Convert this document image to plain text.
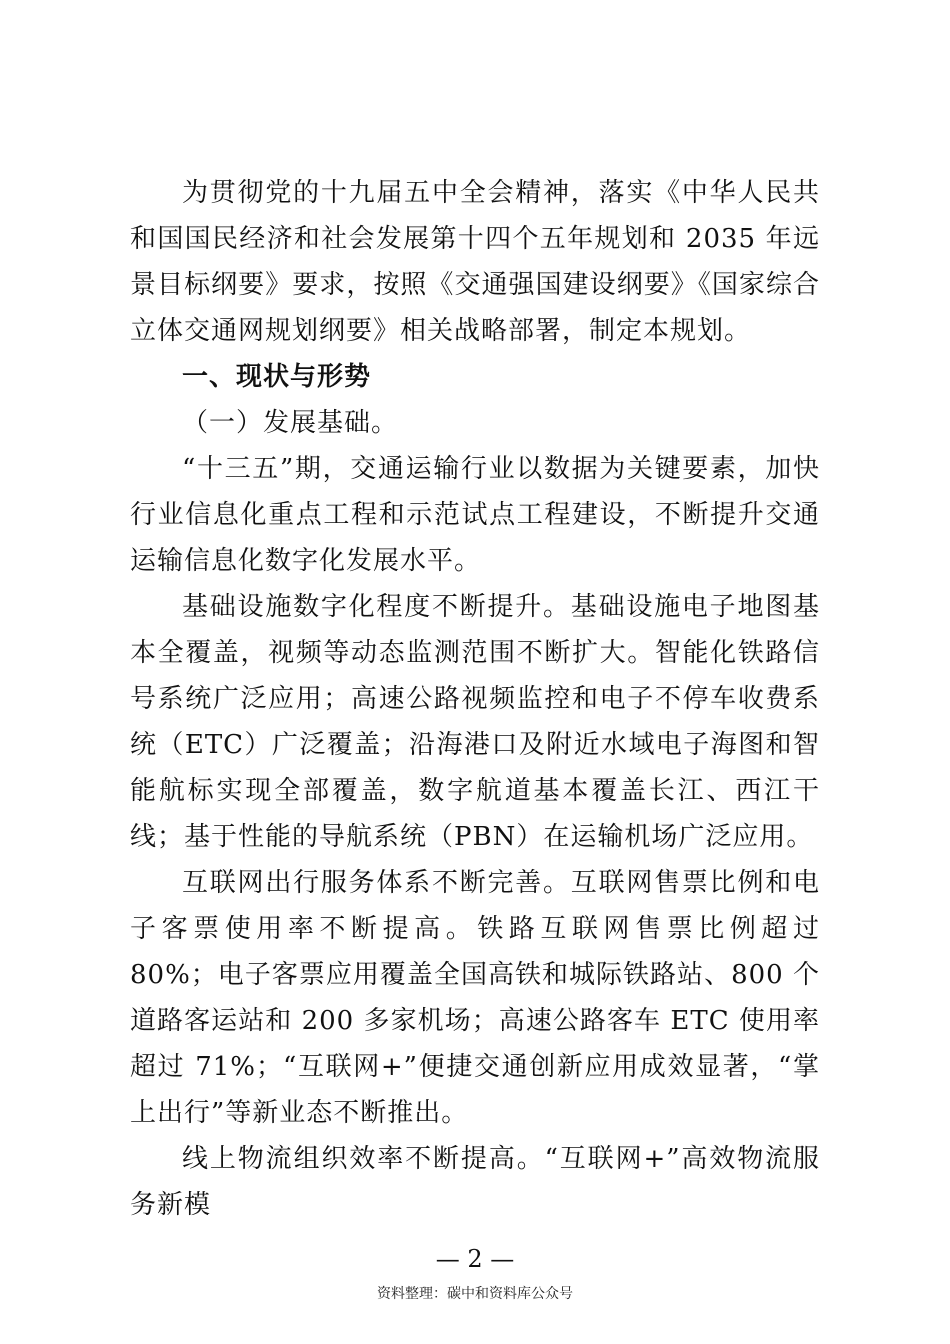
为贯彻党的十九届五中全会精神，落实《中华人民共和国国民经济和社会发展第十四个五年规划和 2035 年远景目标纲要》要求，按照《交通强国建设纲要》《国家综合立体交通网规划纲要》相关战略部署，制定本规划。

一、现状与形势

（一）发展基础。

“十三五”期，交通运输行业以数据为关键要素，加快行业信息化重点工程和示范试点工程建设，不断提升交通运输信息化数字化发展水平。

基础设施数字化程度不断提升。基础设施电子地图基本全覆盖，视频等动态监测范围不断扩大。智能化铁路信号系统广泛应用；高速公路视频监控和电子不停车收费系统（ETC）广泛覆盖；沿海港口及附近水域电子海图和智能航标实现全部覆盖，数字航道基本覆盖长江、西江干线；基于性能的导航系统（PBN）在运输机场广泛应用。

互联网出行服务体系不断完善。互联网售票比例和电子客票使用率不断提高。铁路互联网售票比例超过 80%；电子客票应用覆盖全国高铁和城际铁路站、800 个道路客运站和 200 多家机场；高速公路客车 ETC 使用率超过 71%；“互联网+”便捷交通创新应用成效显著，“掌上出行”等新业态不断推出。

线上物流组织效率不断提高。“互联网+”高效物流服务新模

— 2 —
资料整理：碳中和资料库公众号
